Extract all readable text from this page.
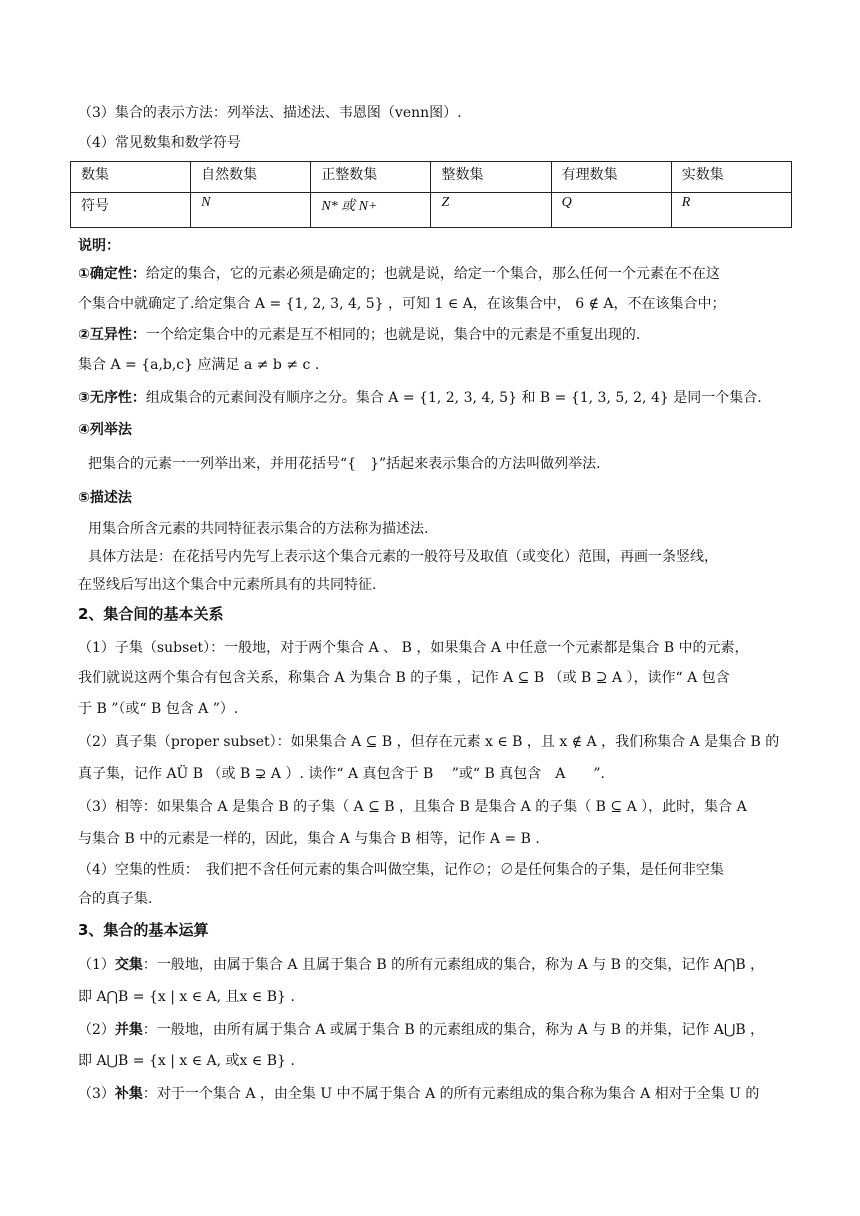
（3）集合的表示方法：列举法、描述法、韦恩图（venn图）.
（4）常见数集和数学符号
数集	自然数集	正整数集	整数集	有理数集	实数集
符号	N	N* 或 N+	Z	Q	R
说明：
①确定性：给定的集合，它的元素必须是确定的；也就是说，给定一个集合，那么任何一个元素在不在这
个集合中就确定了.给定集合 A = {1, 2, 3, 4, 5} ，可知 1 ∈ A，在该集合中， 6 ∉ A，不在该集合中；
②互异性：一个给定集合中的元素是互不相同的；也就是说，集合中的元素是不重复出现的.
集合 A = {a,b,c} 应满足 a ≠ b ≠ c .
③无序性：组成集合的元素间没有顺序之分。集合 A = {1, 2, 3, 4, 5} 和 B = {1, 3, 5, 2, 4} 是同一个集合.
④列举法
把集合的元素一一列举出来，并用花括号“{　}”括起来表示集合的方法叫做列举法.
⑤描述法
用集合所含元素的共同特征表示集合的方法称为描述法.
具体方法是：在花括号内先写上表示这个集合元素的一般符号及取值（或变化）范围，再画一条竖线，
在竖线后写出这个集合中元素所具有的共同特征.
2、集合间的基本关系
（1）子集（subset）：一般地，对于两个集合 A 、 B ，如果集合 A 中任意一个元素都是集合 B 中的元素，
我们就说这两个集合有包含关系，称集合 A 为集合 B 的子集 ，记作 A ⊆ B （或 B ⊇ A ），读作“ A 包含
于 B ”（或“ B 包含 A ”）.
（2）真子集（proper subset）：如果集合 A ⊆ B ，但存在元素 x ∈ B ，且 x ∉ A ，我们称集合 A 是集合 B 的
真子集，记作 AÜ B （或 B ⊋ A ）. 读作“ A 真包含于 B 　”或“ B 真包含　A　　”.
（3）相等：如果集合 A 是集合 B 的子集（ A ⊆ B ，且集合 B 是集合 A 的子集（ B ⊆ A ），此时，集合 A
与集合 B 中的元素是一样的，因此，集合 A 与集合 B 相等，记作 A = B .
（4）空集的性质：　我们把不含任何元素的集合叫做空集，记作∅；∅是任何集合的子集，是任何非空集
合的真子集.
3、集合的基本运算
（1）交集：一般地，由属于集合 A 且属于集合 B 的所有元素组成的集合，称为 A 与 B 的交集，记作 A⋂B ，
即 A⋂B = {x | x ∈ A, 且x ∈ B} .
（2）并集：一般地，由所有属于集合 A 或属于集合 B 的元素组成的集合，称为 A 与 B 的并集，记作 A⋃B ，
即 A⋃B = {x | x ∈ A, 或x ∈ B} .
（3）补集：对于一个集合 A ，由全集 U 中不属于集合 A 的所有元素组成的集合称为集合 A 相对于全集 U 的
